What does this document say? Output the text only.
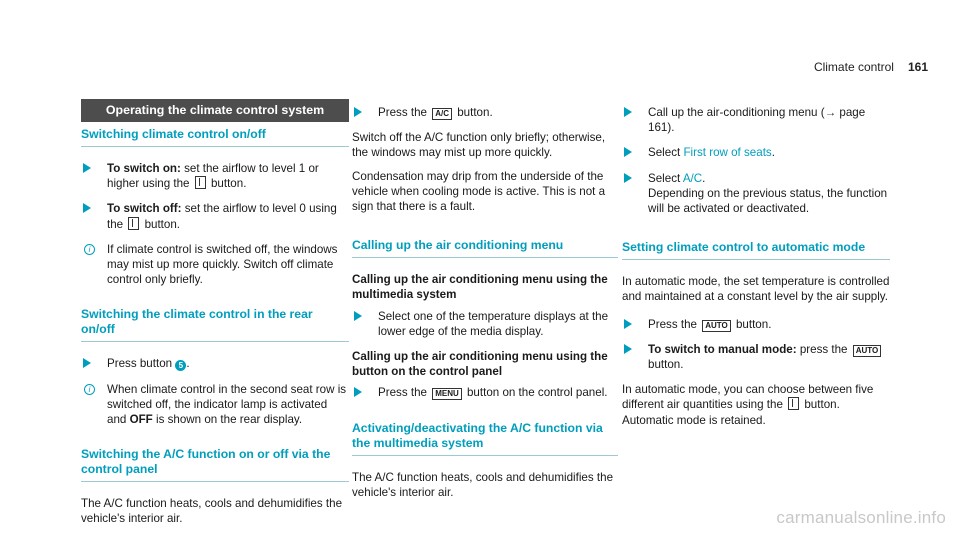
Climate control 161
Operating the climate control system
Switching climate control on/off
To switch on: set the airflow to level 1 or higher using the  button.
To switch off: set the airflow to level 0 using the  button.
i	If climate control is switched off, the windows may mist up more quickly. Switch off climate control only briefly.
Switching the climate control in the rear on/off
Press button 5 .
i	When climate control in the second seat row is switched off, the indicator lamp is activated and OFF is shown on the rear display.
Switching the A/C function on or off via the control panel

The A/C function heats, cools and dehumidifies the vehicle's interior air.

Press the A/C button.

Switch off the A/C function only briefly; otherwise, the windows may mist up more quickly.

Condensation may drip from the underside of the vehicle when cooling mode is active. This is not a sign that there is a fault.

Calling up the air conditioning menu
Calling up the air conditioning menu using the multimedia system
Select one of the temperature displays at the lower edge of the media display.
Calling up the air conditioning menu using the button on the control panel
Press the MENU button on the control panel.
Activating/deactivating the A/C function via the multimedia system

The A/C function heats, cools and dehumidifies the vehicle's interior air.

Call up the air-conditioning menu (→ page 161).
Select First row of seats.
Select A/C.
Depending on the previous status, the function will be activated or deactivated.
Setting climate control to automatic mode

In automatic mode, the set temperature is controlled and maintained at a constant level by the air supply.

Press the AUTO button.
To switch to manual mode: press the AUTO button.

In automatic mode, you can choose between five different air quantities using the  button. Automatic mode is retained.

carmanualsonline.info
